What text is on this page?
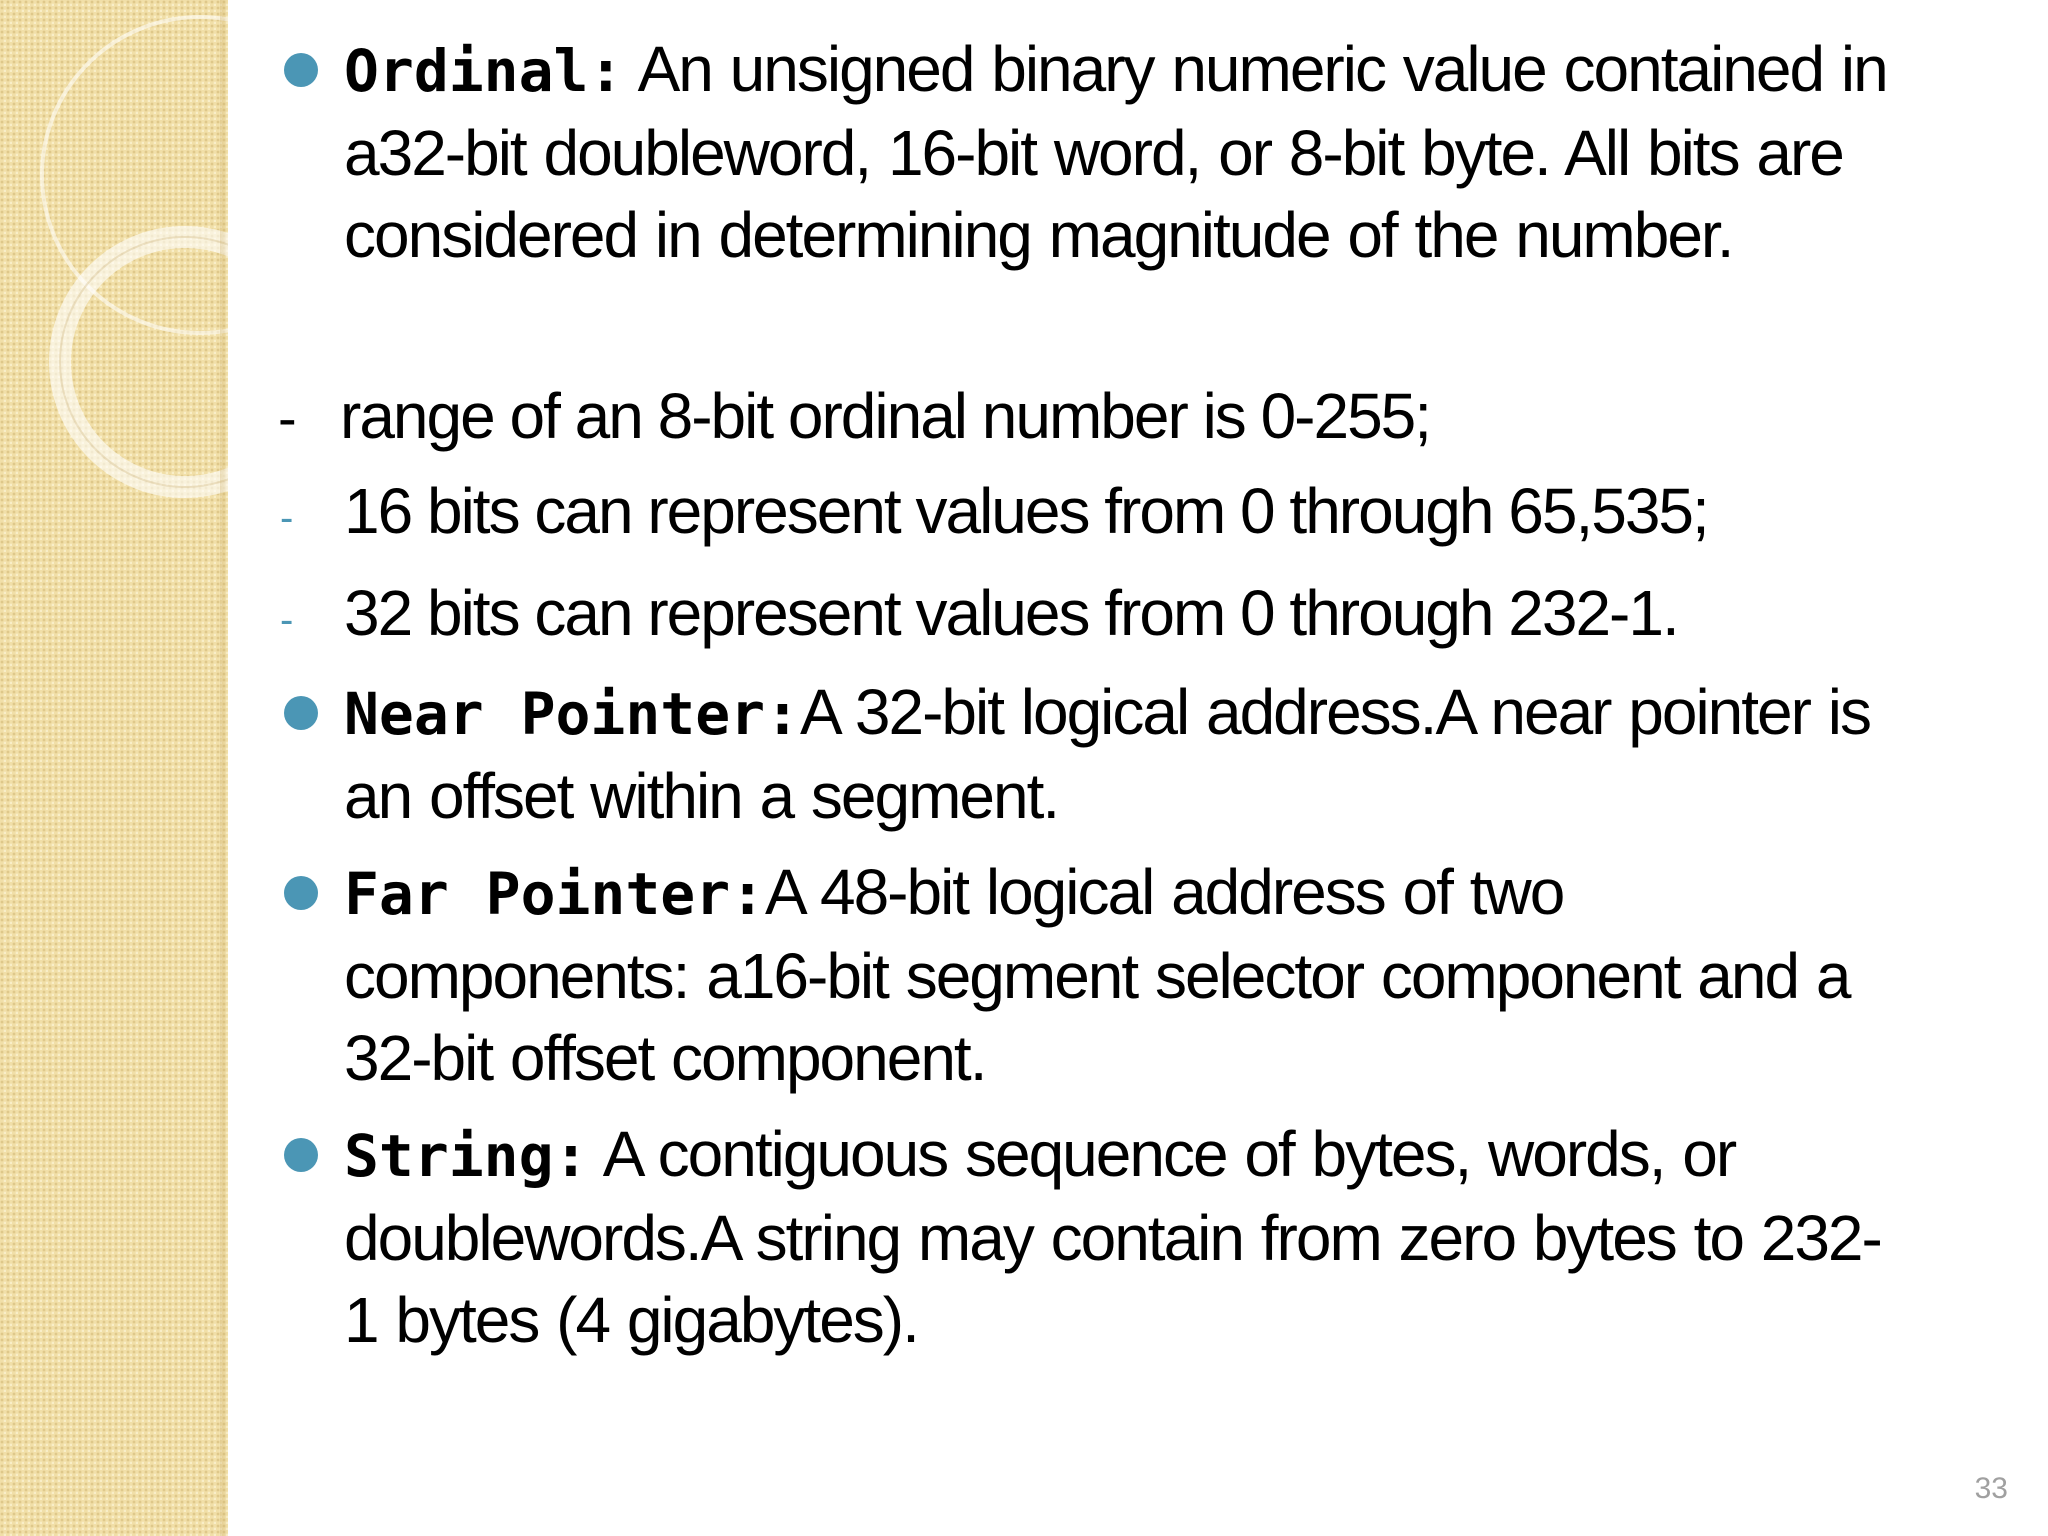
Ordinal: An unsigned binary numeric value contained in a32-bit doubleword, 16-bit word, or 8-bit byte. All bits are considered in determining magnitude of the number.
- range of an 8-bit ordinal number is 0-255;
- 16 bits can represent values from 0 through 65,535;
- 32 bits can represent values from 0 through 232-1.
Near Pointer:A 32-bit logical address.A near pointer is an offset within a segment.
Far Pointer:A 48-bit logical address of two components: a16-bit segment selector component and a 32-bit offset component.
String: A contiguous sequence of bytes, words, or doublewords.A string may contain from zero bytes to 232-1 bytes (4 gigabytes).
33
